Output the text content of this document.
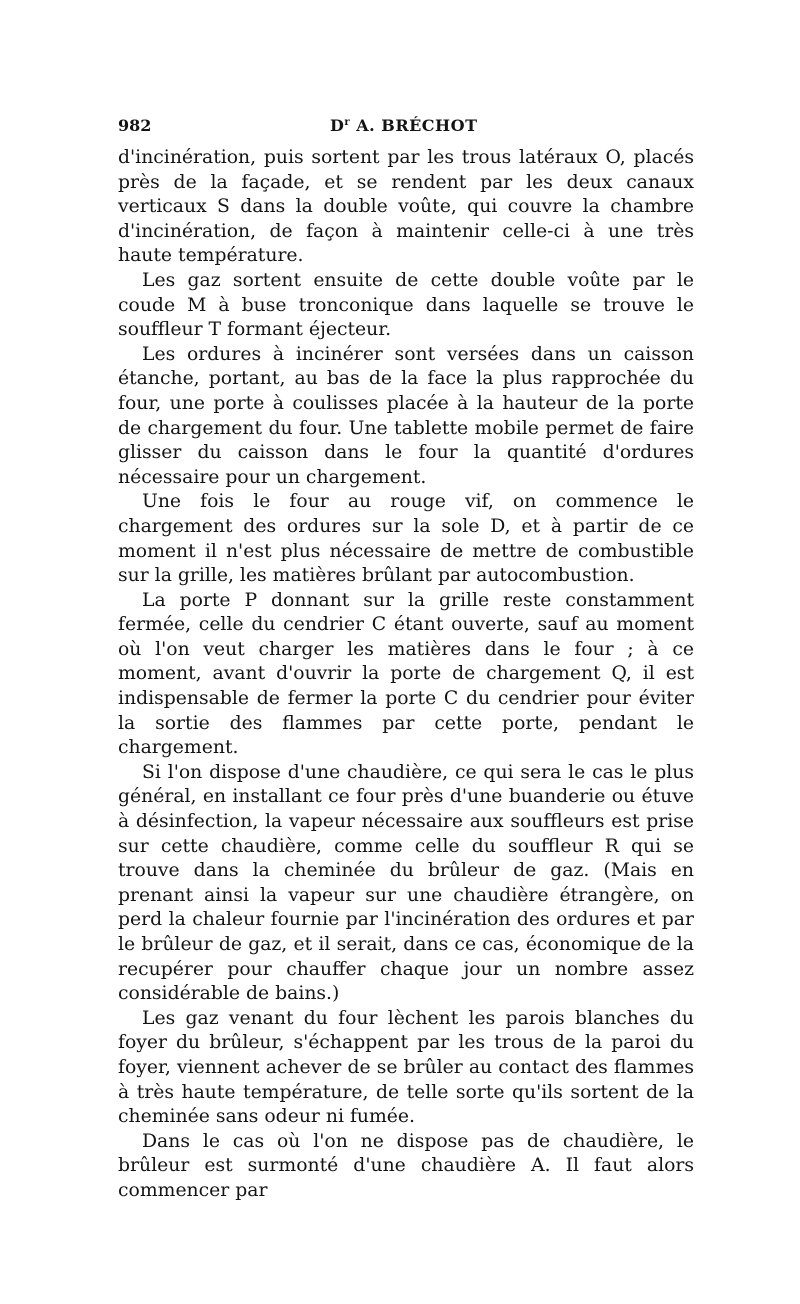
982	$D^r$ A. BRÉCHOT

d'incinération, puis sortent par les trous latéraux O, placés près de la façade, et se rendent par les deux canaux verticaux S dans la double voûte, qui couvre la chambre d'incinération, de façon à maintenir celle-ci à une très haute température.

Les gaz sortent ensuite de cette double voûte par le coude M à buse tronconique dans laquelle se trouve le souffleur T formant éjecteur.

Les ordures à incinérer sont versées dans un caisson étanche, portant, au bas de la face la plus rapprochée du four, une porte à coulisses placée à la hauteur de la porte de chargement du four. Une tablette mobile permet de faire glisser du caisson dans le four la quantité d'ordures nécessaire pour un chargement.

Une fois le four au rouge vif, on commence le chargement des ordures sur la sole D, et à partir de ce moment il n'est plus nécessaire de mettre de combustible sur la grille, les matières brûlant par autocombustion.

La porte P donnant sur la grille reste constamment fermée, celle du cendrier C étant ouverte, sauf au moment où l'on veut charger les matières dans le four ; à ce moment, avant d'ouvrir la porte de chargement Q, il est indispensable de fermer la porte C du cendrier pour éviter la sortie des flammes par cette porte, pendant le chargement.

Si l'on dispose d'une chaudière, ce qui sera le cas le plus général, en installant ce four près d'une buanderie ou étuve à désinfection, la vapeur nécessaire aux souffleurs est prise sur cette chaudière, comme celle du souffleur R qui se trouve dans la cheminée du brûleur de gaz. (Mais en prenant ainsi la vapeur sur une chaudière étrangère, on perd la chaleur fournie par l'incinération des ordures et par le brûleur de gaz, et il serait, dans ce cas, économique de la recupérer pour chauffer chaque jour un nombre assez considérable de bains.)

Les gaz venant du four lèchent les parois blanches du foyer du brûleur, s'échappent par les trous de la paroi du foyer, viennent achever de se brûler au contact des flammes à très haute température, de telle sorte qu'ils sortent de la cheminée sans odeur ni fumée.

Dans le cas où l'on ne dispose pas de chaudière, le brûleur est surmonté d'une chaudière A. Il faut alors commencer par
